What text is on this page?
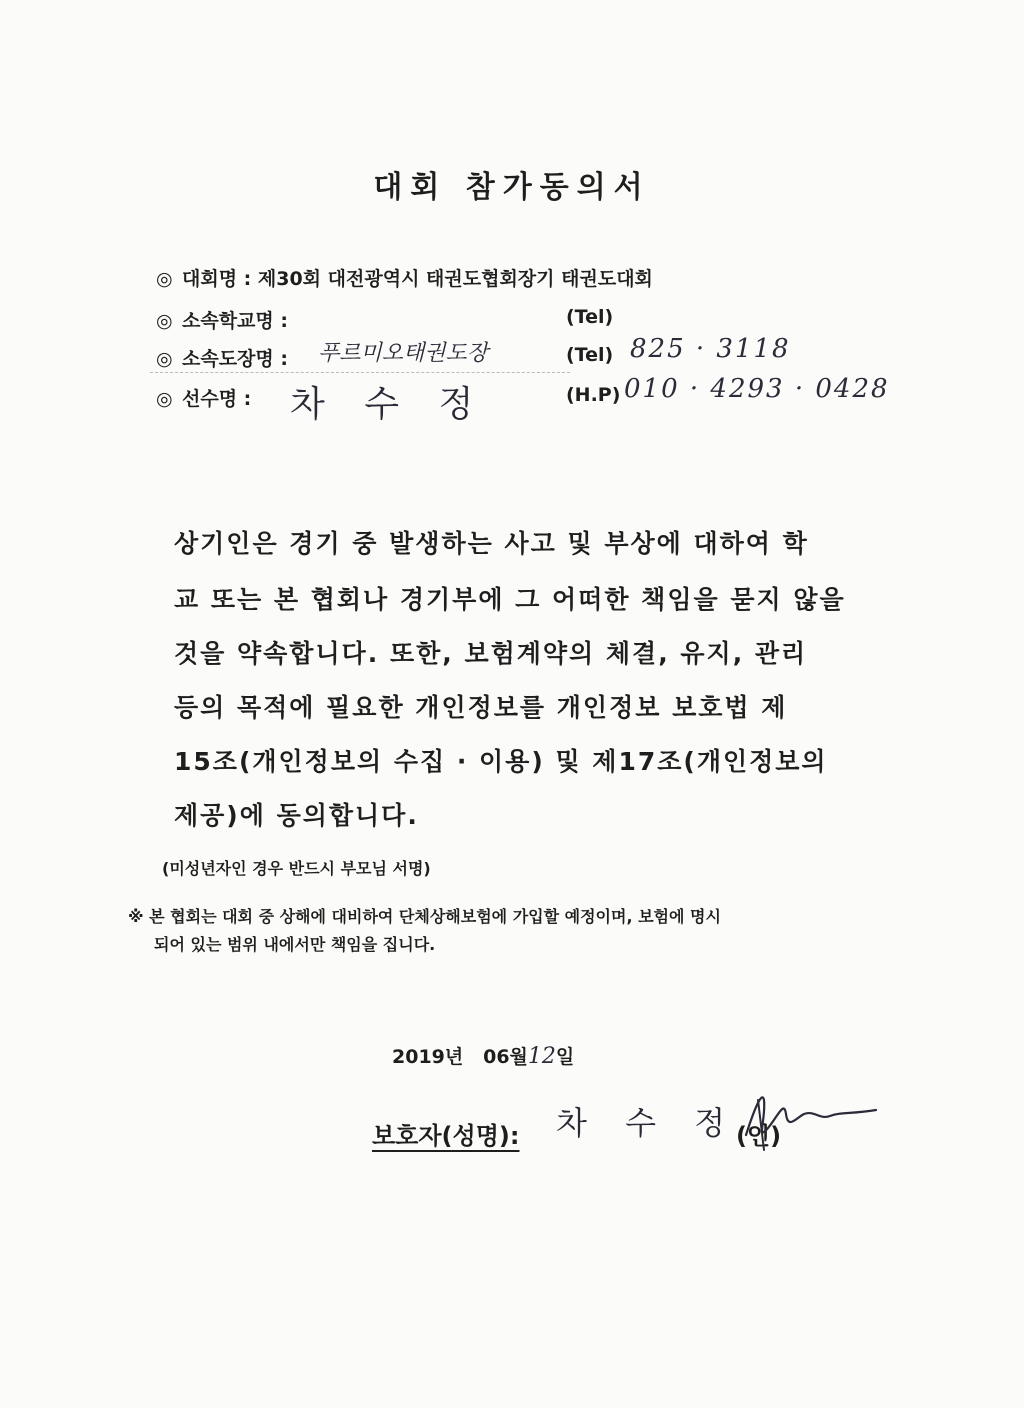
대회 참가동의서
◎ 대회명 : 제30회 대전광역시 태권도협회장기 태권도대회
◎ 소속학교명 :	(Tel)
◎ 소속도장명 : 푸르미오태권도장	(Tel) 825 · 3118
◎ 선수명 : 차 수 정	(H.P) 010 · 4293 · 0428
상기인은 경기 중 발생하는 사고 및 부상에 대하여 학
교 또는 본 협회나 경기부에 그 어떠한 책임을 묻지 않을
것을 약속합니다. 또한, 보험계약의 체결, 유지, 관리
등의 목적에 필요한 개인정보를 개인정보 보호법 제
15조(개인정보의 수집 · 이용) 및 제17조(개인정보의
제공)에 동의합니다.
(미성년자인 경우 반드시 부모님 서명)
※ 본 협회는 대회 중 상해에 대비하여 단체상해보험에 가입할 예정이며, 보험에 명시
되어 있는 범위 내에서만 책임을 집니다.
2019년 06월12일
보호자(성명): 차 수 정
(인)
